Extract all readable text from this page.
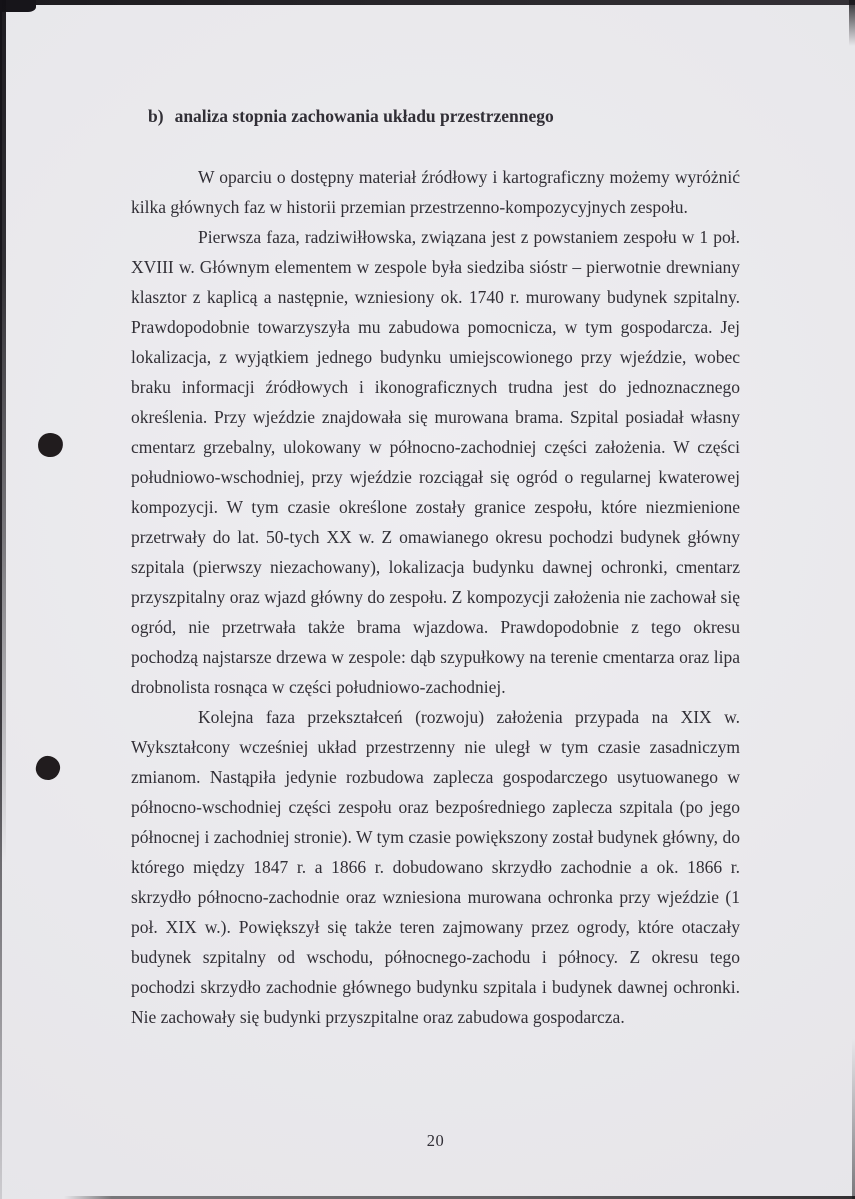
b) analiza stopnia zachowania układu przestrzennego

W oparciu o dostępny materiał źródłowy i kartograficzny możemy wyróżnić kilka głównych faz w historii przemian przestrzenno-kompozycyjnych zespołu.

Pierwsza faza, radziwiłłowska, związana jest z powstaniem zespołu w 1 poł. XVIII w. Głównym elementem w zespole była siedziba sióstr – pierwotnie drewniany klasztor z kaplicą a następnie, wzniesiony ok. 1740 r. murowany budynek szpitalny. Prawdopodobnie towarzyszyła mu zabudowa pomocnicza, w tym gospodarcza. Jej lokalizacja, z wyjątkiem jednego budynku umiejscowionego przy wjeździe, wobec braku informacji źródłowych i ikonograficznych trudna jest do jednoznacznego określenia. Przy wjeździe znajdowała się murowana brama. Szpital posiadał własny cmentarz grzebalny, ulokowany w północno-zachodniej części założenia. W części południowo-wschodniej, przy wjeździe rozciągał się ogród o regularnej kwaterowej kompozycji. W tym czasie określone zostały granice zespołu, które niezmienione przetrwały do lat. 50-tych XX w. Z omawianego okresu pochodzi budynek główny szpitala (pierwszy niezachowany), lokalizacja budynku dawnej ochronki, cmentarz przyszpitalny oraz wjazd główny do zespołu. Z kompozycji założenia nie zachował się ogród, nie przetrwała także brama wjazdowa. Prawdopodobnie z tego okresu pochodzą najstarsze drzewa w zespole: dąb szypułkowy na terenie cmentarza oraz lipa drobnolista rosnąca w części południowo-zachodniej.

Kolejna faza przekształceń (rozwoju) założenia przypada na XIX w. Wykształcony wcześniej układ przestrzenny nie uległ w tym czasie zasadniczym zmianom. Nastąpiła jedynie rozbudowa zaplecza gospodarczego usytuowanego w północno-wschodniej części zespołu oraz bezpośredniego zaplecza szpitala (po jego północnej i zachodniej stronie). W tym czasie powiększony został budynek główny, do którego między 1847 r. a 1866 r. dobudowano skrzydło zachodnie a ok. 1866 r. skrzydło północno-zachodnie oraz wzniesiona murowana ochronka przy wjeździe (1 poł. XIX w.). Powiększył się także teren zajmowany przez ogrody, które otaczały budynek szpitalny od wschodu, północnego-zachodu i północy. Z okresu tego pochodzi skrzydło zachodnie głównego budynku szpitala i budynek dawnej ochronki. Nie zachowały się budynki przyszpitalne oraz zabudowa gospodarcza.

20
